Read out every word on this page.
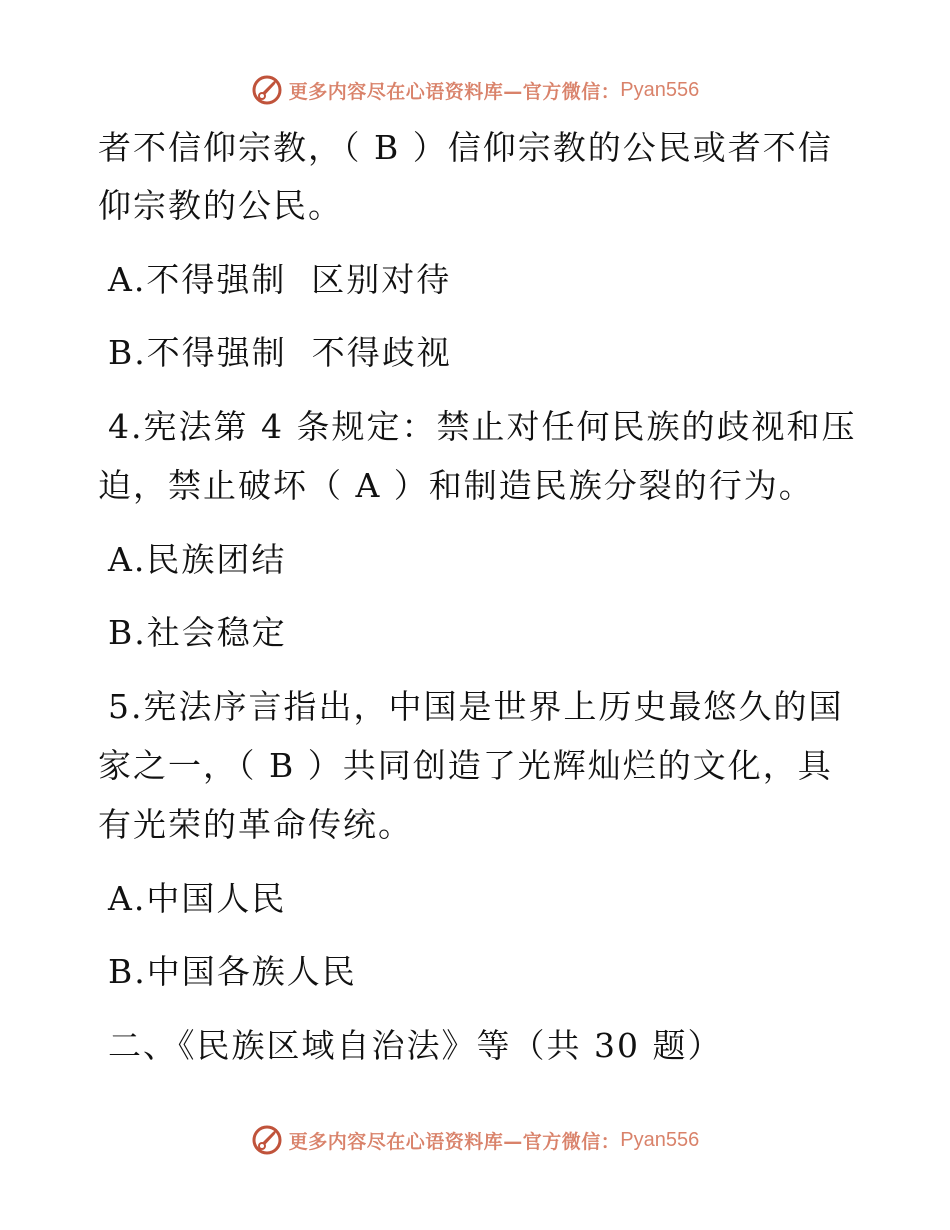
更多内容尽在心语资料库—官方微信： Pyan556
者不信仰宗教，（ B ）信仰宗教的公民或者不信
仰宗教的公民。
A.不得强制  区别对待
B.不得强制  不得歧视
4.宪法第 4 条规定：禁止对任何民族的歧视和压
迫，禁止破坏（ A ）和制造民族分裂的行为。
A.民族团结
B.社会稳定
5.宪法序言指出，中国是世界上历史最悠久的国
家之一，（ B ）共同创造了光辉灿烂的文化，具
有光荣的革命传统。
A.中国人民
B.中国各族人民
二、《民族区域自治法》等（共 30 题）
更多内容尽在心语资料库—官方微信： Pyan556
